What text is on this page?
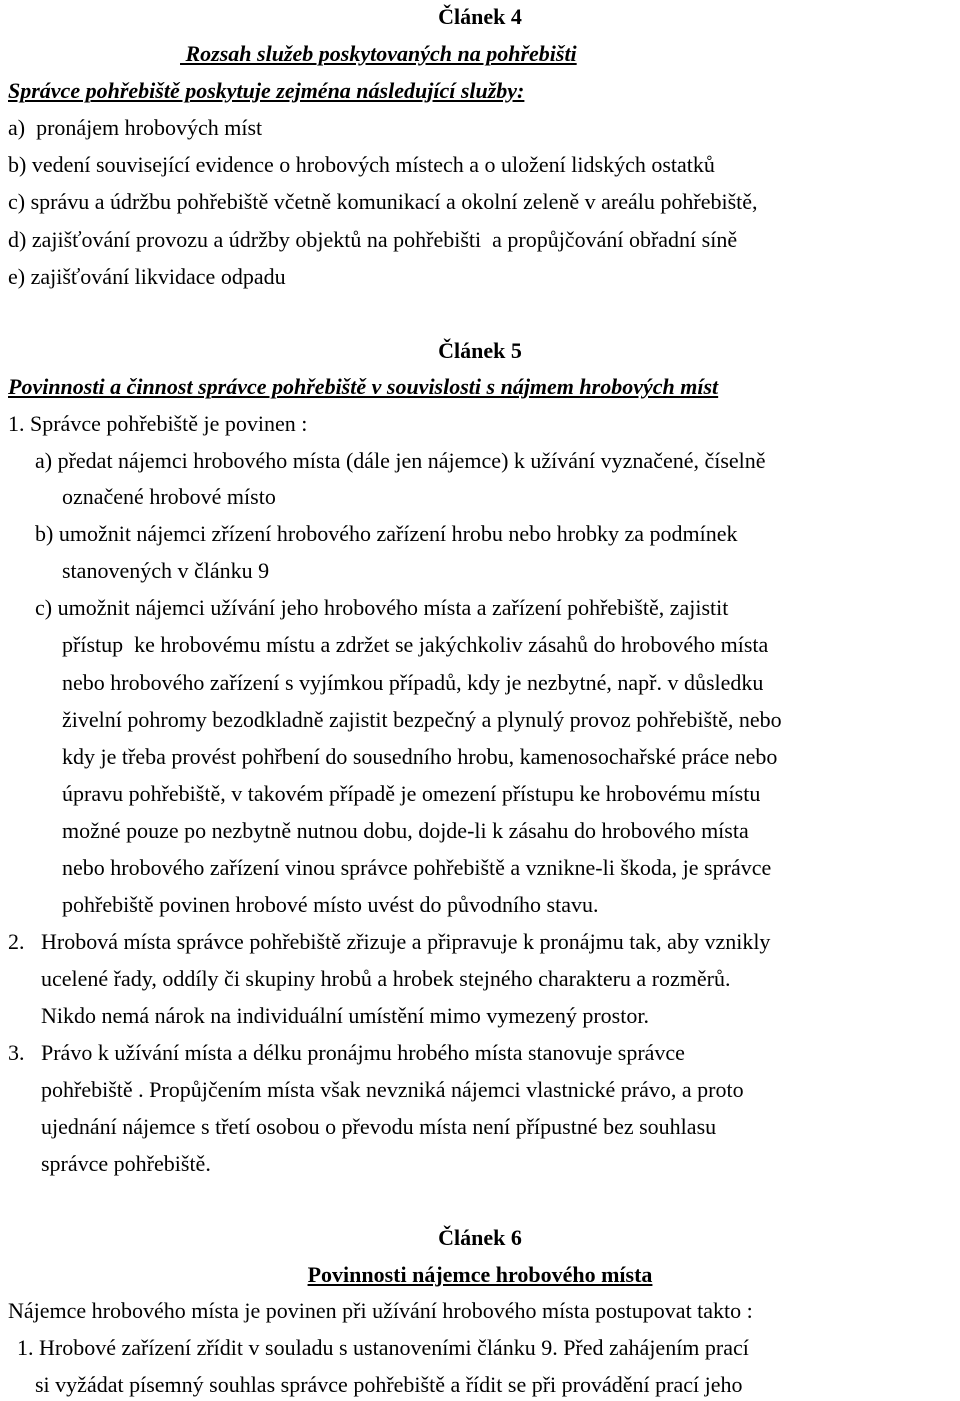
Článek 4
Rozsah služeb poskytovaných na pohřebišti
Správce pohřebiště poskytuje zejména následující služby:
a)  pronájem hrobových míst
b) vedení související evidence o hrobových místech a o uložení lidských ostatků
c) správu a údržbu pohřebiště včetně komunikací a okolní zeleně v areálu pohřebiště,
d) zajišťování provozu a údržby objektů na pohřebišti  a propůjčování obřadní síně
e) zajišťování likvidace odpadu
Článek 5
Povinnosti a činnost správce pohřebiště v souvislosti s nájmem hrobových míst
1. Správce pohřebiště je povinen :
a) předat nájemci hrobového místa (dále jen nájemce) k užívání vyznačené, číselně
označené hrobové místo
b) umožnit nájemci zřízení hrobového zařízení hrobu nebo hrobky za podmínek
stanovených v článku 9
c) umožnit nájemci užívání jeho hrobového místa a zařízení pohřebiště, zajistit
přístup  ke hrobovému místu a zdržet se jakýchkoliv zásahů do hrobového místa
nebo hrobového zařízení s vyjímkou případů, kdy je nezbytné, např. v důsledku
živelní pohromy bezodkladně zajistit bezpečný a plynulý provoz pohřebiště, nebo
kdy je třeba provést pohřbení do sousedního hrobu, kamenosochařské práce nebo
úpravu pohřebiště, v takovém případě je omezení přístupu ke hrobovému místu
možné pouze po nezbytně nutnou dobu, dojde-li k zásahu do hrobového místa
nebo hrobového zařízení vinou správce pohřebiště a vznikne-li škoda, je správce
pohřebiště povinen hrobové místo uvést do původního stavu.
2. Hrobová místa správce pohřebiště zřizuje a připravuje k pronájmu tak, aby vznikly
ucelené řady, oddíly či skupiny hrobů a hrobek stejného charakteru a rozměrů.
Nikdo nemá nárok na individuální umístění mimo vymezený prostor.
3. Právo k užívání místa a délku pronájmu hrobého místa stanovuje správce
pohřebiště . Propůjčením místa však nevzniká nájemci vlastnické právo, a proto
ujednání nájemce s třetí osobou o převodu místa není přípustné bez souhlasu
správce pohřebiště.
Článek 6
Povinnosti nájemce hrobového místa
Nájemce hrobového místa je povinen při užívání hrobového místa postupovat takto :
1. Hrobové zařízení zřídit v souladu s ustanoveními článku 9. Před zahájením prací
si vyžádat písemný souhlas správce pohřebiště a řídit se při provádění prací jeho
